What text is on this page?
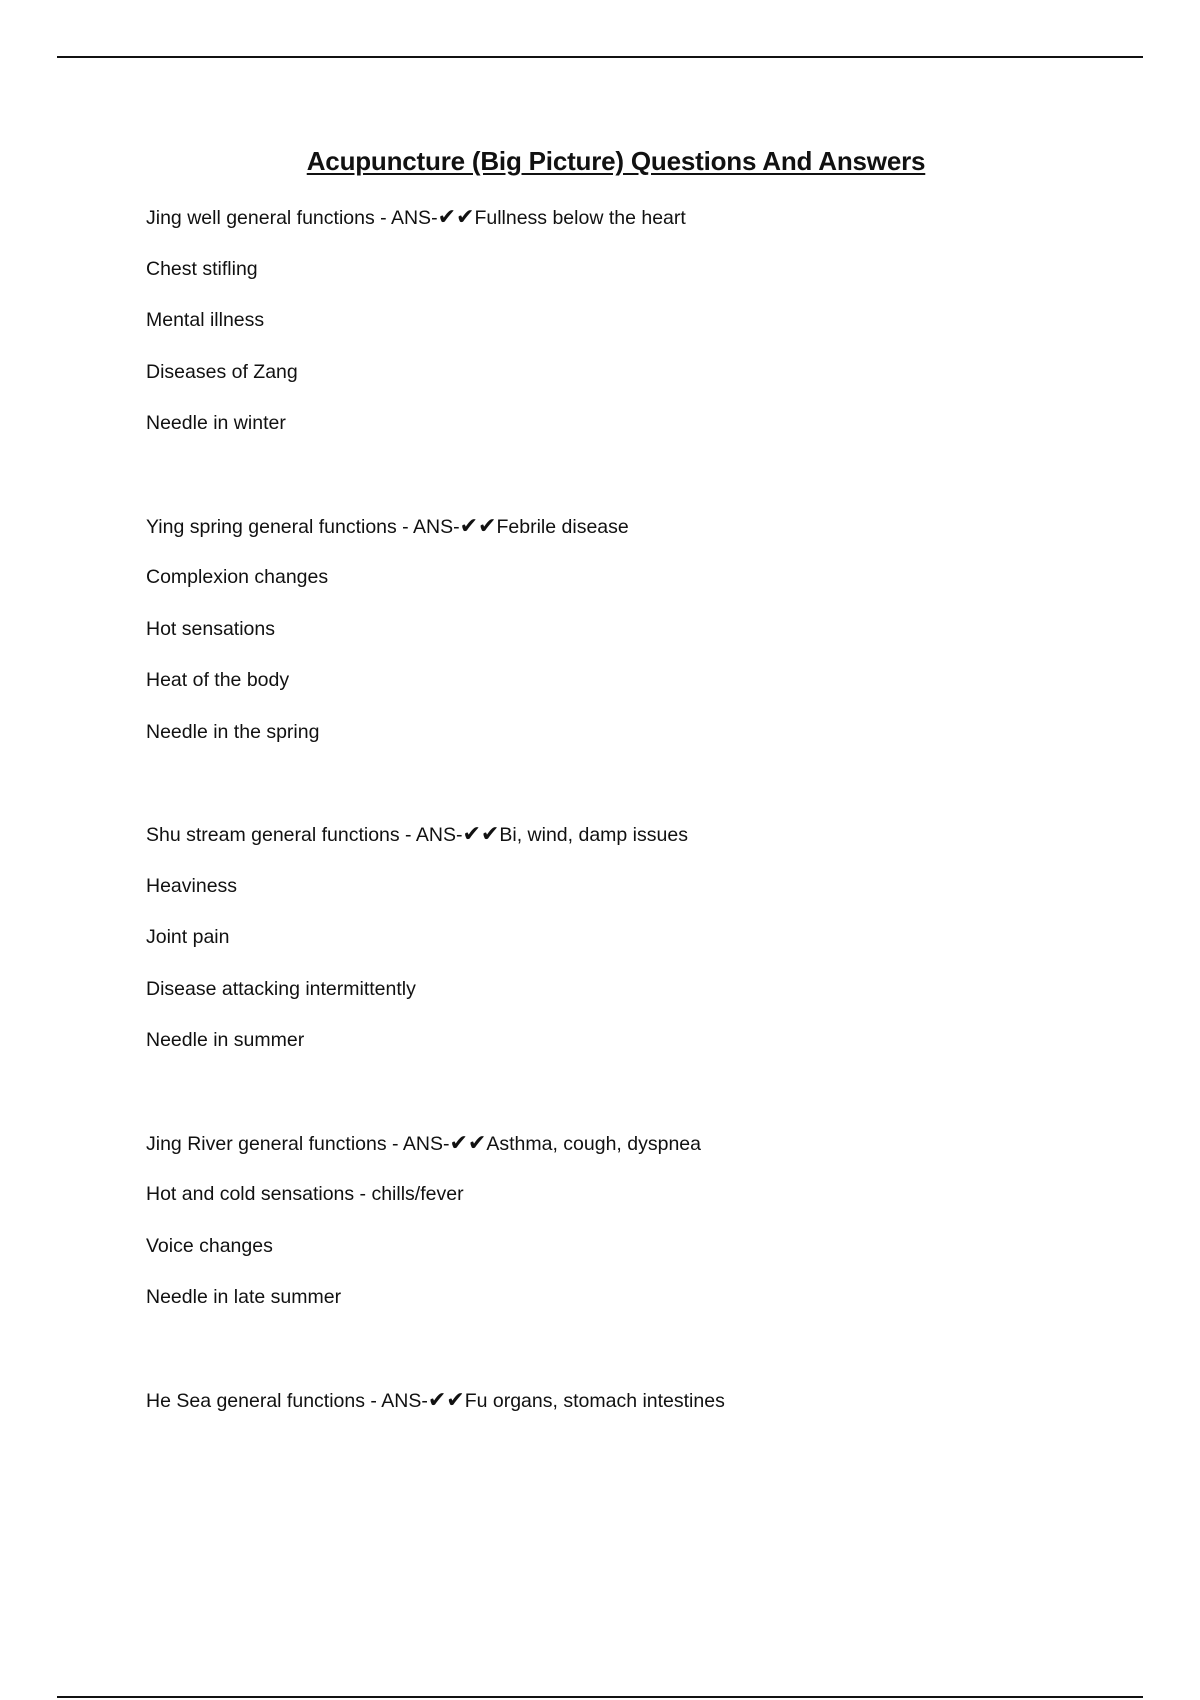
Acupuncture (Big Picture) Questions And Answers
Jing well general functions - ANS-✔✔Fullness below the heart
Chest stifling
Mental illness
Diseases of Zang
Needle in winter
Ying spring general functions - ANS-✔✔Febrile disease
Complexion changes
Hot sensations
Heat of the body
Needle in the spring
Shu stream general functions - ANS-✔✔Bi, wind, damp issues
Heaviness
Joint pain
Disease attacking intermittently
Needle in summer
Jing River general functions - ANS-✔✔Asthma, cough, dyspnea
Hot and cold sensations - chills/fever
Voice changes
Needle in late summer
He Sea general functions - ANS-✔✔Fu organs, stomach intestines
